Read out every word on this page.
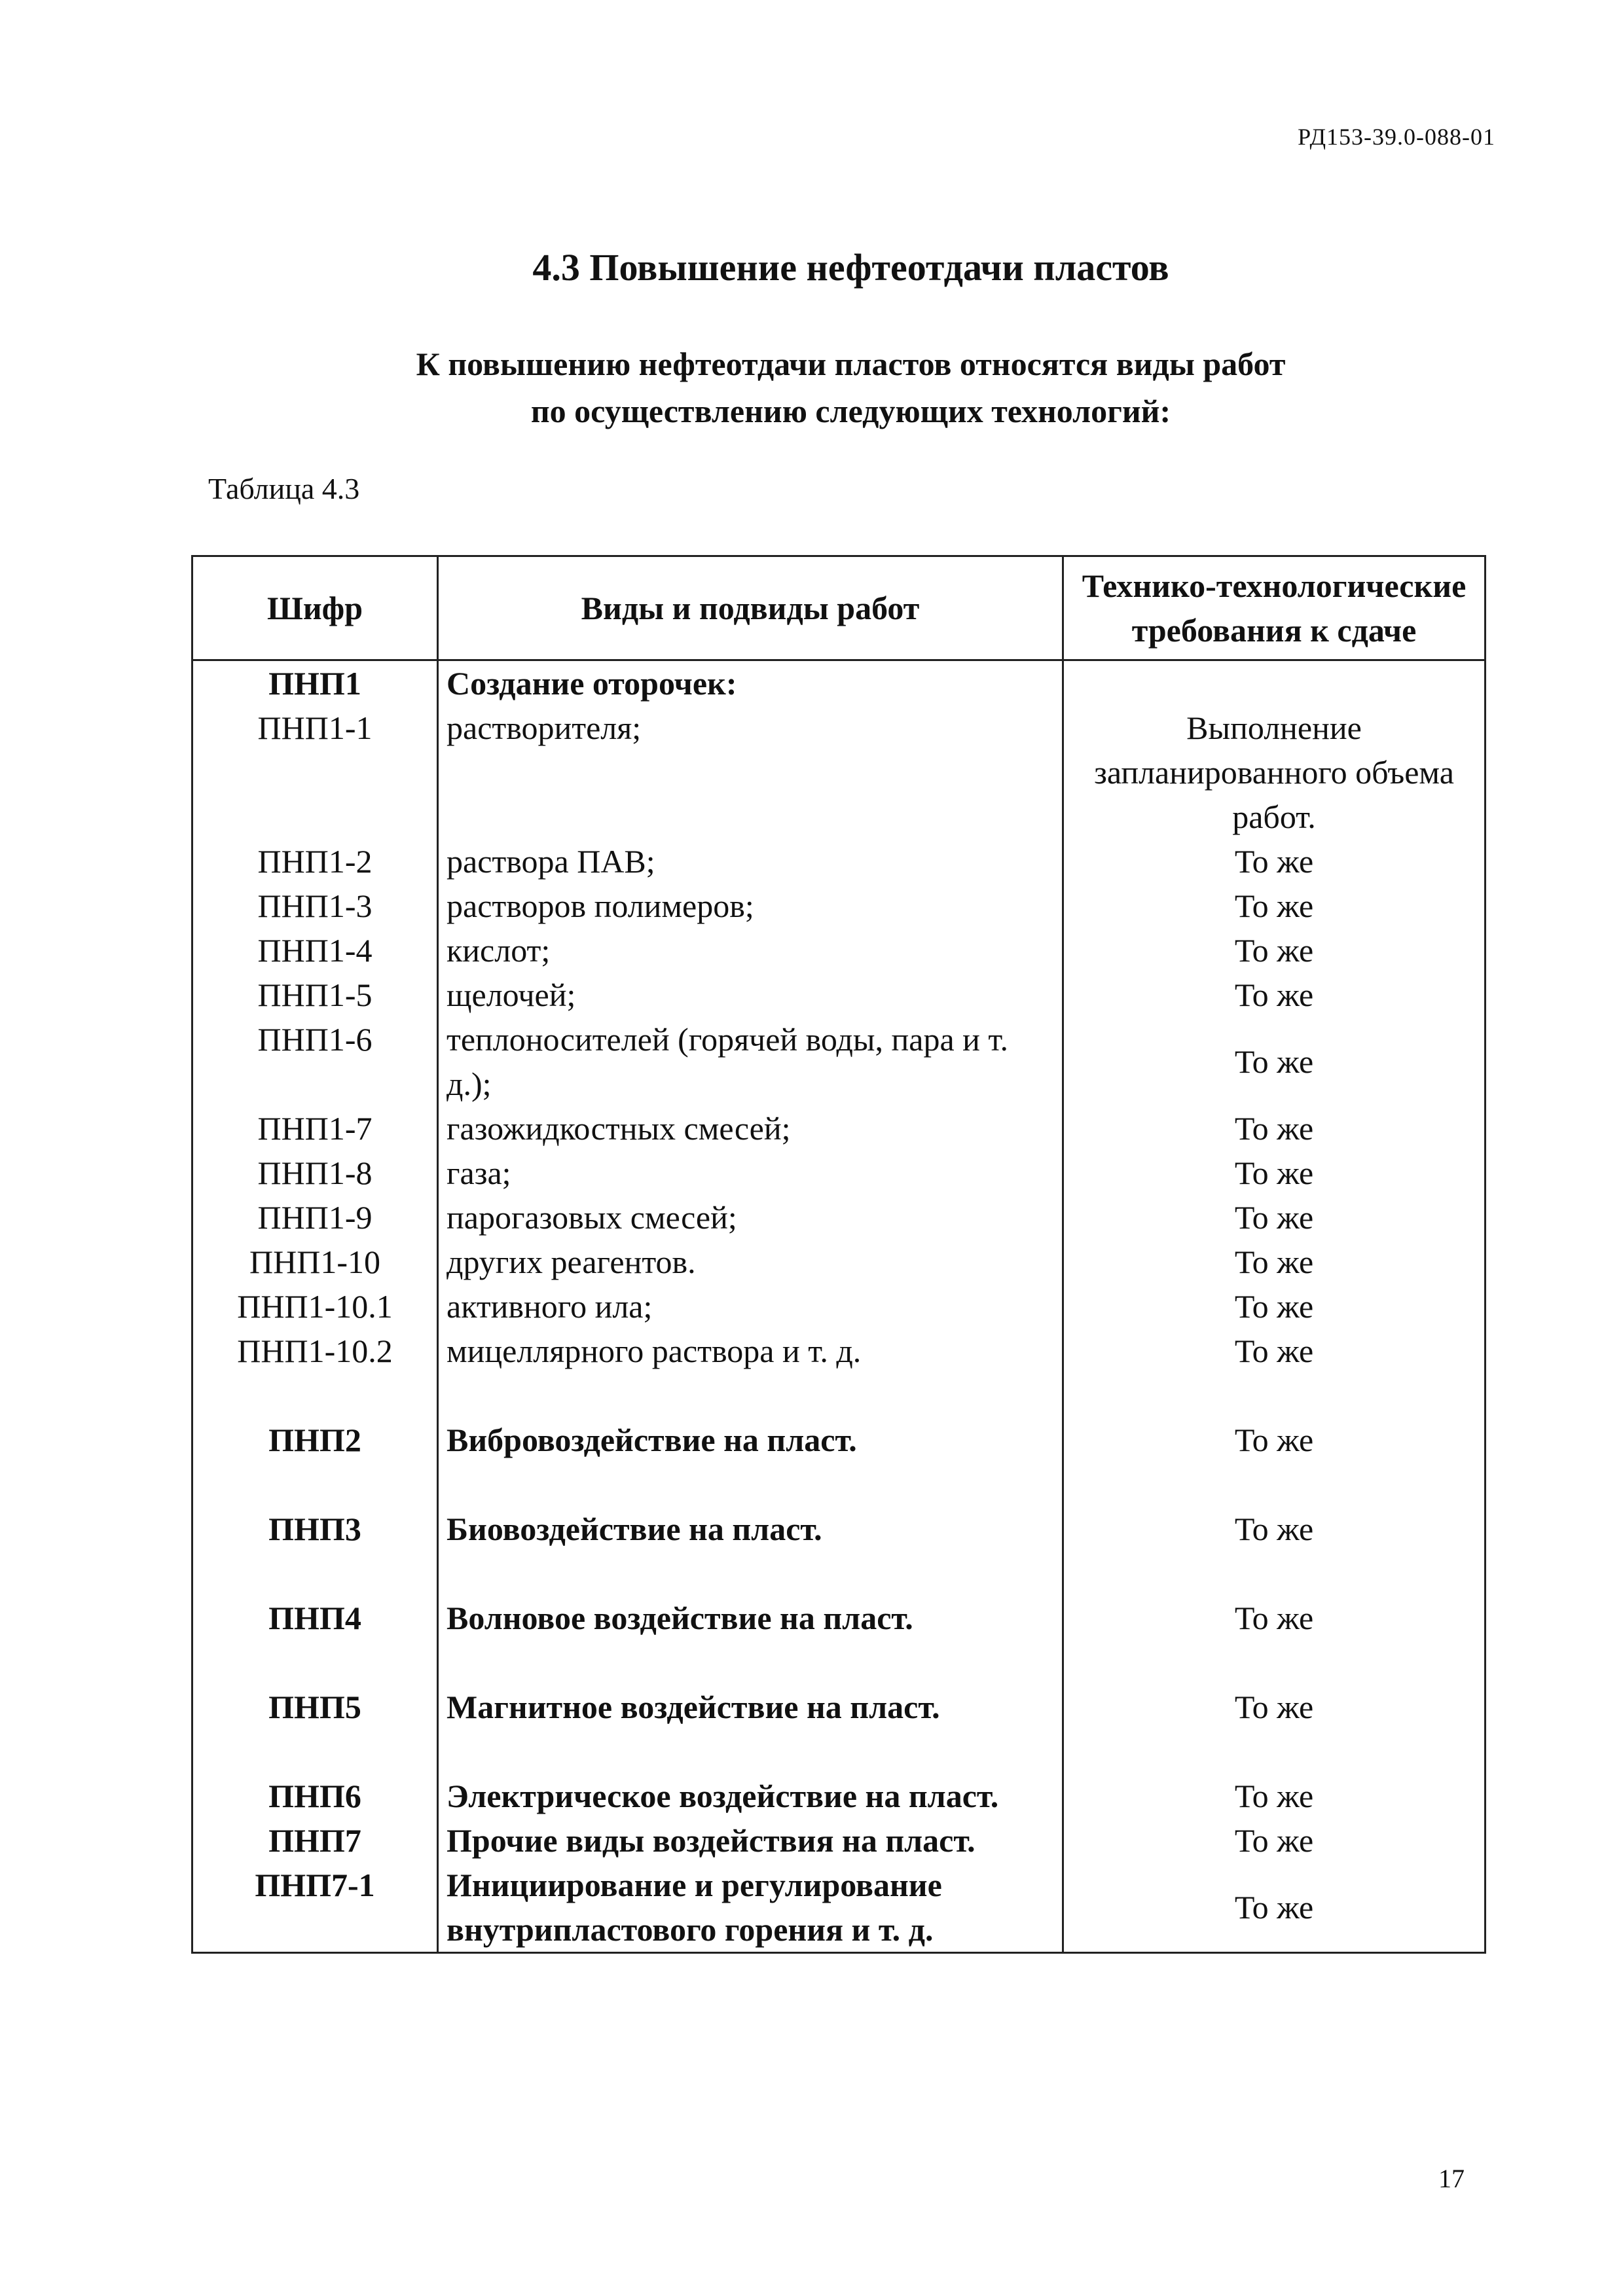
РД153-39.0-088-01
4.3 Повышение нефтеотдачи пластов
К повышению нефтеотдачи пластов относятся виды работ
по осуществлению следующих технологий:
Таблица 4.3
Шифр	Виды и подвиды работ	Технико-технологические требования к сдаче
ПНП1	Создание оторочек:	
ПНП1-1	растворителя;	Выполнение запланированного объема работ.
ПНП1-2	раствора ПАВ;	То же
ПНП1-3	растворов полимеров;	То же
ПНП1-4	кислот;	То же
ПНП1-5	щелочей;	То же
ПНП1-6	теплоносителей (горячей воды, пара и т. д.);	То же
ПНП1-7	газожидкостных смесей;	То же
ПНП1-8	газа;	То же
ПНП1-9	парогазовых смесей;	То же
ПНП1-10	других реагентов.	То же
ПНП1-10.1	активного ила;	То же
ПНП1-10.2	мицеллярного раствора и т. д.	То же
ПНП2	Вибровоздействие на пласт.	То же
ПНП3	Биовоздействие на пласт.	То же
ПНП4	Волновое воздействие на пласт.	То же
ПНП5	Магнитное воздействие на пласт.	То же
ПНП6	Электрическое воздействие на пласт.	То же
ПНП7	Прочие виды воздействия на пласт.	То же
ПНП7-1	Инициирование и регулирование внутрипластового горения и т. д.	То же
17
